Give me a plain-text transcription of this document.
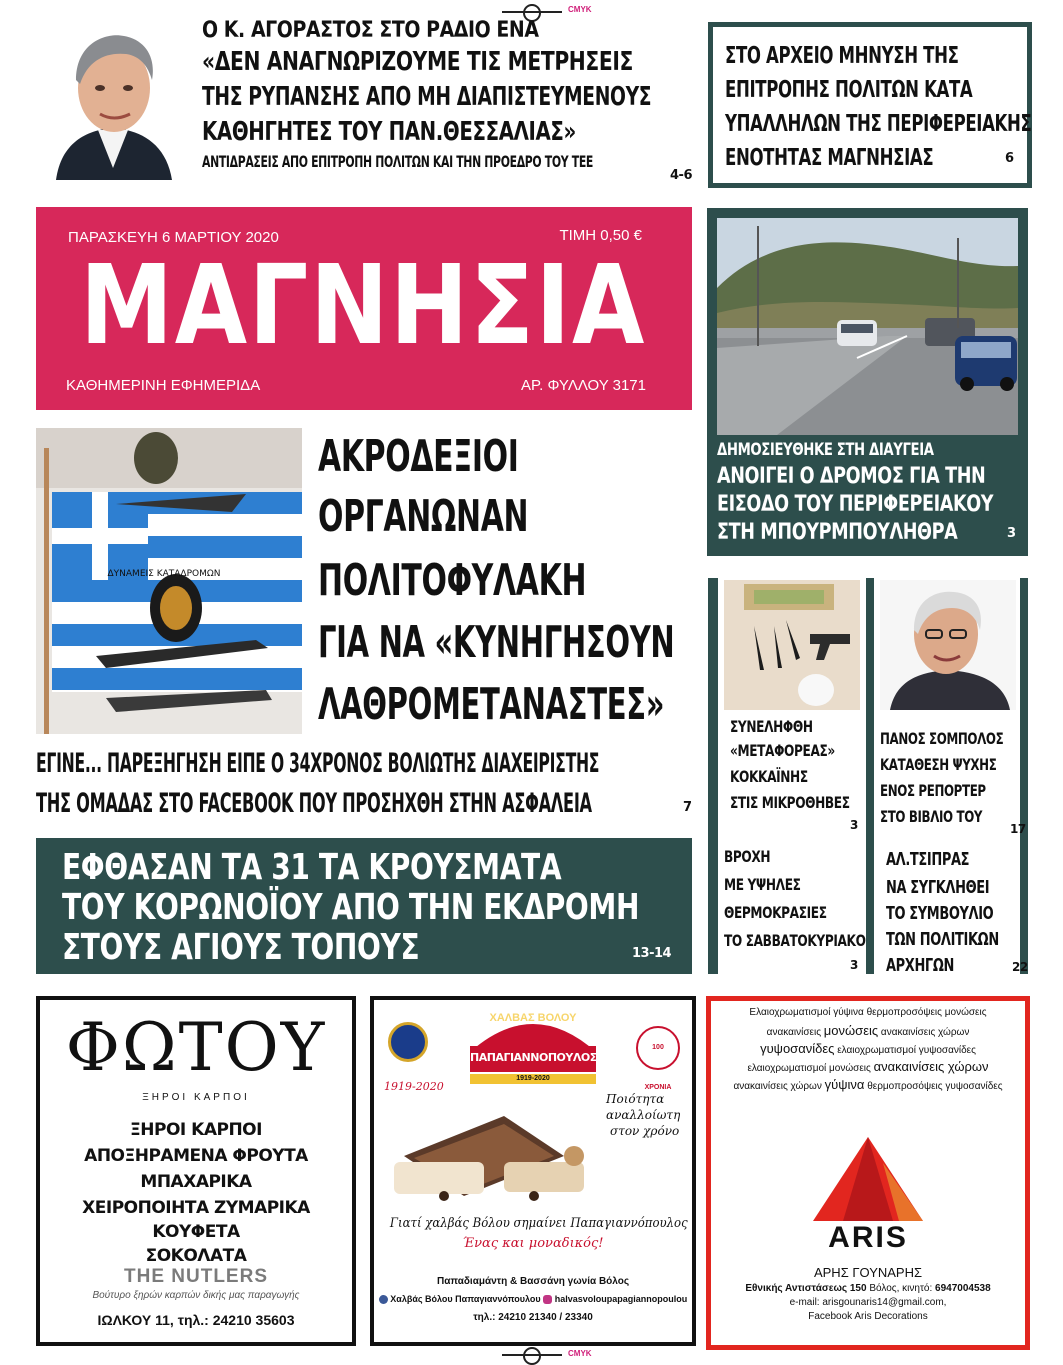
CMYK
Ο Κ. ΑΓΟΡΑΣΤΟΣ ΣΤΟ ΡΑΔΙΟ ΕΝΑ
«ΔΕΝ ΑΝΑΓΝΩΡΙΖΟΥΜΕ ΤΙΣ ΜΕΤΡΗΣΕΙΣ
ΤΗΣ ΡΥΠΑΝΣΗΣ ΑΠΟ ΜΗ ΔΙΑΠΙΣΤΕΥΜΕΝΟΥΣ
ΚΑΘΗΓΗΤΕΣ ΤΟΥ ΠΑΝ.ΘΕΣΣΑΛΙΑΣ»
ΑΝΤΙΔΡΑΣΕΙΣ ΑΠΟ ΕΠΙΤΡΟΠΗ ΠΟΛΙΤΩΝ ΚΑΙ ΤΗΝ ΠΡΟΕΔΡΟ ΤΟΥ ΤΕΕ
4-6
ΣΤΟ ΑΡΧΕΙΟ ΜΗΝΥΣΗ ΤΗΣ
ΕΠΙΤΡΟΠΗΣ ΠΟΛΙΤΩΝ ΚΑΤΑ
ΥΠΑΛΛΗΛΩΝ ΤΗΣ ΠΕΡΙΦΕΡΕΙΑΚΗΣ
ΕΝΟΤΗΤΑΣ ΜΑΓΝΗΣΙΑΣ	6
ΠΑΡΑΣΚΕΥΗ 6 ΜΑΡΤΙΟΥ 2020	ΤΙΜΗ 0,50 €
ΜΑΓΝΗΣΙΑ
ΚΑΘΗΜΕΡΙΝΗ ΕΦΗΜΕΡΙΔΑ	ΑΡ. ΦΥΛΛΟΥ 3171
ΔΗΜΟΣΙΕΥΘΗΚΕ ΣΤΗ ΔΙΑΥΓΕΙΑ
ΑΝΟΙΓΕΙ Ο ΔΡΟΜΟΣ ΓΙΑ ΤΗΝ
ΕΙΣΟΔΟ ΤΟΥ ΠΕΡΙΦΕΡΕΙΑΚΟΥ
ΣΤΗ ΜΠΟΥΡΜΠΟΥΛΗΘΡΑ	3
ΔΥΝΑΜΕΙΣ ΚΑΤΑΔΡΟΜΩΝ
ΑΚΡΟΔΕΞΙΟΙ
ΟΡΓΑΝΩΝΑΝ
ΠΟΛΙΤΟΦΥΛΑΚΗ
ΓΙΑ ΝΑ «ΚΥΝΗΓΗΣΟΥΝ
ΛΑΘΡΟΜΕΤΑΝΑΣΤΕΣ»
ΕΓΙΝΕ... ΠΑΡΕΞΗΓΗΣΗ ΕΙΠΕ Ο 34ΧΡΟΝΟΣ ΒΟΛΙΩΤΗΣ ΔΙΑΧΕΙΡΙΣΤΗΣ
ΤΗΣ ΟΜΑΔΑΣ ΣΤΟ FACEBOOK ΠΟΥ ΠΡΟΣΗΧΘΗ ΣΤΗΝ ΑΣΦΑΛΕΙΑ	7
ΕΦΘΑΣΑΝ ΤΑ 31 ΤΑ ΚΡΟΥΣΜΑΤΑ
ΤΟΥ ΚΟΡΩΝΟΪΟΥ ΑΠΟ ΤΗΝ ΕΚΔΡΟΜΗ
ΣΤΟΥΣ ΑΓΙΟΥΣ ΤΟΠΟΥΣ	13-14
ΣΥΝΕΛΗΦΘΗ
«ΜΕΤΑΦΟΡΕΑΣ»
ΚΟΚΚΑΪΝΗΣ
ΣΤΙΣ ΜΙΚΡΟΘΗΒΕΣ
3
ΒΡΟΧΗ
ΜΕ ΥΨΗΛΕΣ
ΘΕΡΜΟΚΡΑΣΙΕΣ
ΤΟ ΣΑΒΒΑΤΟΚΥΡΙΑΚΟ
3
ΠΑΝΟΣ ΣΟΜΠΟΛΟΣ
ΚΑΤΑΘΕΣΗ ΨΥΧΗΣ
ΕΝΟΣ ΡΕΠΟΡΤΕΡ
ΣΤΟ ΒΙΒΛΙΟ ΤΟΥ
17
ΑΛ.ΤΣΙΠΡΑΣ
ΝΑ ΣΥΓΚΛΗΘΕΙ
ΤΟ ΣΥΜΒΟΥΛΙΟ
ΤΩΝ ΠΟΛΙΤΙΚΩΝ
ΑΡΧΗΓΩΝ	22
ΦΩΤΟΥ
ΞΗΡΟΙ ΚΑΡΠΟΙ
ΞΗΡΟΙ ΚΑΡΠΟΙ
ΑΠΟΞΗΡΑΜΕΝΑ ΦΡΟΥΤΑ
ΜΠΑΧΑΡΙΚΑ
ΧΕΙΡΟΠΟΙΗΤΑ ΖΥΜΑΡΙΚΑ
ΚΟΥΦΕΤΑ
ΣΟΚΟΛΑΤΑ
THE NUTLERS
Βούτυρο ξηρών καρπών δικής μας παραγωγής
ΙΩΛΚΟΥ 11, τηλ.: 24210 35603
ΧΑΛΒΑΣ ΒΟΛΟΥ
ΠΑΠΑΓΙΑΝΝΟΠΟΥΛΟΣ
1919-2020
100 ΧΡΟΝΙΑ
1919-2020
Ποιότητα
αναλλοίωτη
στον χρόνο
Γιατί χαλβάς Βόλου σημαίνει Παπαγιαννόπουλος
Ένας και μοναδικός!
Παπαδιαμάντη & Βασσάνη γωνία Βόλος
Χαλβάς Βόλου Παπαγιαννόπουλου halvasvoloupapagiannopoulou
τηλ.: 24210 21340 / 23340
Ελαιοχρωματισμοί γύψινα θερμοπροσόψεις μονώσεις
ανακαινίσεις μονώσεις ανακαινίσεις χώρων
γυψοσανίδες ελαιοχρωματισμοί γυψοσανίδες
ελαιοχρωματισμοί μονώσεις ανακαινίσεις χώρων
ανακαινίσεις χώρων γύψινα θερμοπροσόψεις γυψοσανίδες
ARIS
ΑΡΗΣ ΓΟΥΝΑΡΗΣ
Εθνικής Αντιστάσεως 150 Βόλος, κινητό: 6947004538
e-mail: arisgounaris14@gmail.com,
Facebook Aris Decorations
CMYK
